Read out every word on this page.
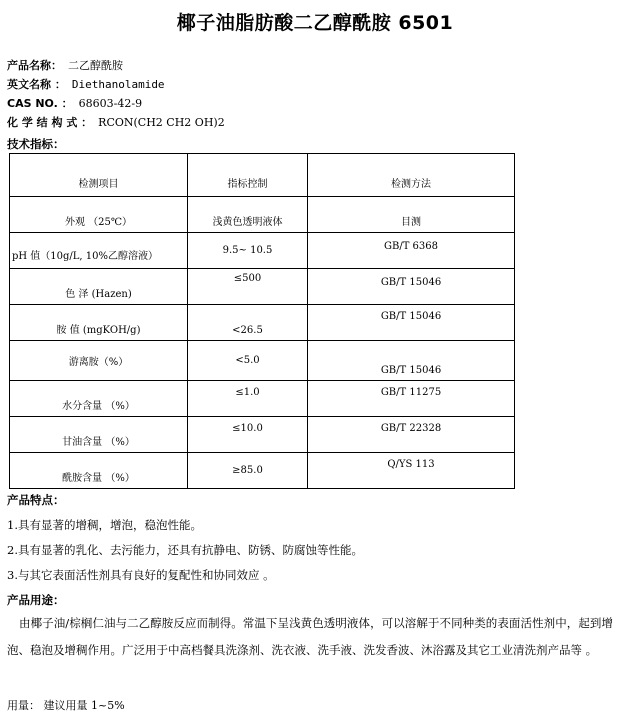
椰子油脂肪酸二乙醇酰胺 6501
产品名称： 二乙醇酰胺
英文名称 ： Diethanolamide
CAS NO. ： 68603-42-9
化 学 结 构 式 ： RCON(CH2 CH2 OH)2
技术指标：
检测项目	指标控制	检测方法
外观 （25℃）	浅黄色透明液体	目测
pH 值（10g/L, 10%乙醇溶液）	9.5~ 10.5	GB/T 6368
色 泽 (Hazen)	≤500	GB/T 15046
胺 值 (mgKOH/g)	<26.5	GB/T 15046
游离胺（%）	<5.0	GB/T 15046
水分含量 （%）	≤1.0	GB/T 11275
甘油含量 （%）	≤10.0	GB/T 22328
酰胺含量 （%）	≥85.0	Q/YS 113
产品特点：
1.具有显著的增稠，增泡，稳泡性能。
2.具有显著的乳化、去污能力，还具有抗静电、防锈、防腐蚀等性能。
3.与其它表面活性剂具有良好的复配性和协同效应 。
产品用途：
由椰子油/棕榈仁油与二乙醇胺反应而制得。常温下呈浅黄色透明液体，可以溶解于不同种类的表面活性剂中，起到增泡、稳泡及增稠作用。广泛用于中高档餐具洗涤剂、洗衣液、洗手液、洗发香波、沐浴露及其它工业清洗剂产品等 。
用量： 建议用量 1~5%
